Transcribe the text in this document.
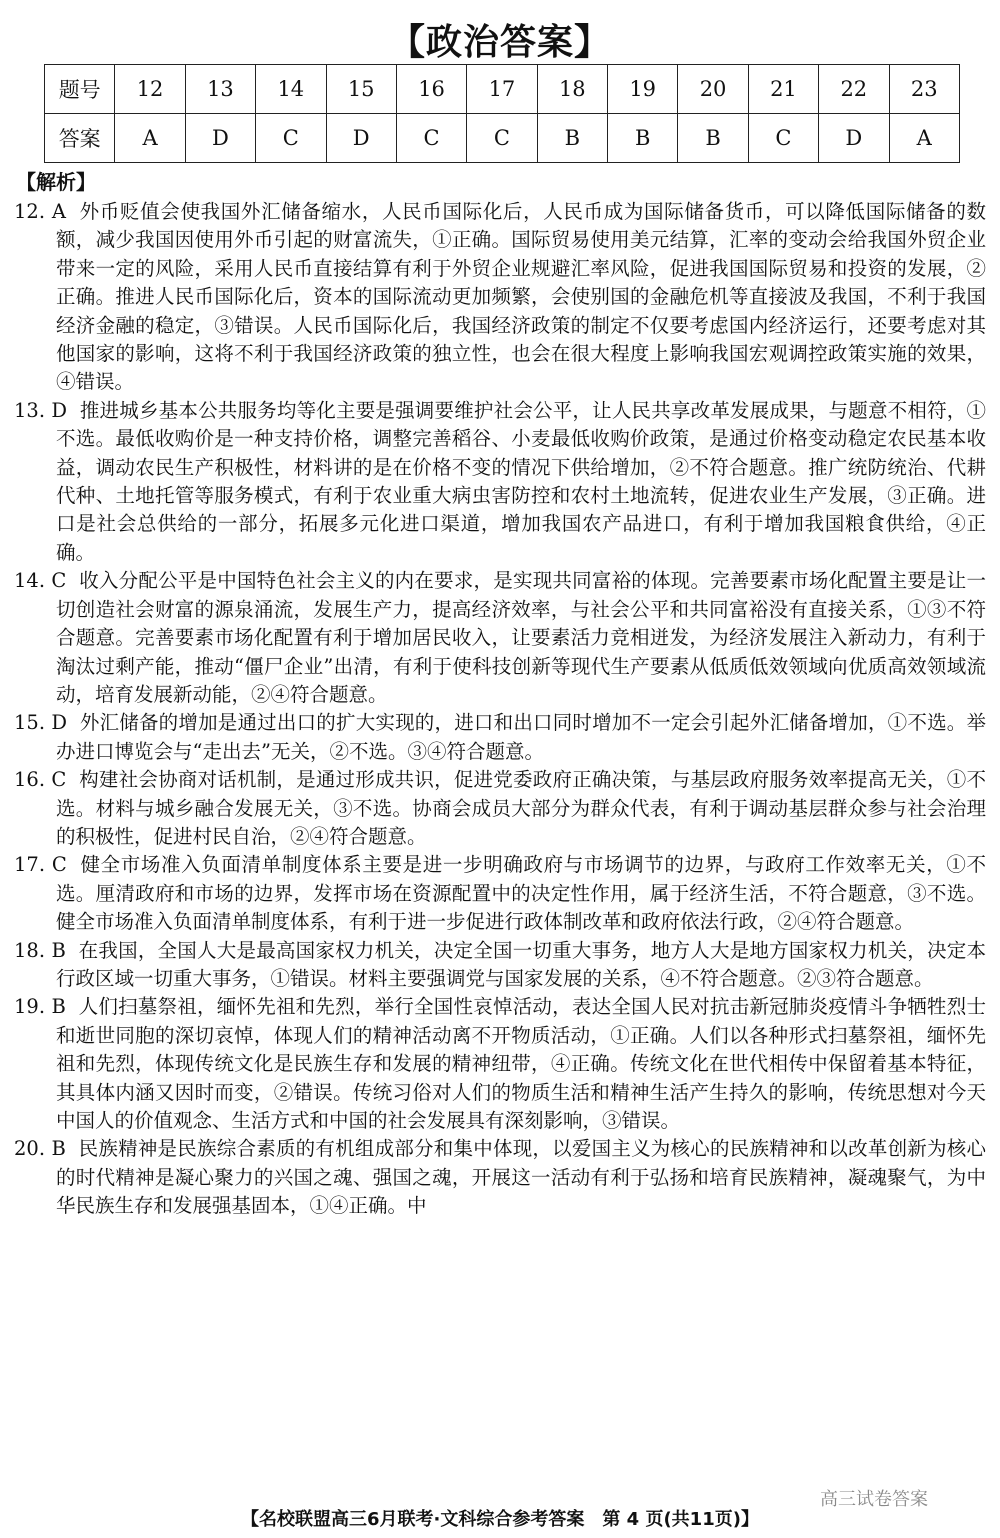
【政治答案】
题号	12	13	14	15	16	17	18	19	20	21	22	23
答案	A	D	C	D	C	C	B	B	B	C	D	A
【解析】

12. A 外币贬值会使我国外汇储备缩水，人民币国际化后，人民币成为国际储备货币，可以降低国际储备的数额，减少我国因使用外币引起的财富流失，①正确。国际贸易使用美元结算，汇率的变动会给我国外贸企业带来一定的风险，采用人民币直接结算有利于外贸企业规避汇率风险，促进我国国际贸易和投资的发展，②正确。推进人民币国际化后，资本的国际流动更加频繁，会使别国的金融危机等直接波及我国，不利于我国经济金融的稳定，③错误。人民币国际化后，我国经济政策的制定不仅要考虑国内经济运行，还要考虑对其他国家的影响，这将不利于我国经济政策的独立性，也会在很大程度上影响我国宏观调控政策实施的效果，④错误。

13. D 推进城乡基本公共服务均等化主要是强调要维护社会公平，让人民共享改革发展成果，与题意不相符，①不选。最低收购价是一种支持价格，调整完善稻谷、小麦最低收购价政策，是通过价格变动稳定农民基本收益，调动农民生产积极性，材料讲的是在价格不变的情况下供给增加，②不符合题意。推广统防统治、代耕代种、土地托管等服务模式，有利于农业重大病虫害防控和农村土地流转，促进农业生产发展，③正确。进口是社会总供给的一部分，拓展多元化进口渠道，增加我国农产品进口，有利于增加我国粮食供给，④正确。

14. C 收入分配公平是中国特色社会主义的内在要求，是实现共同富裕的体现。完善要素市场化配置主要是让一切创造社会财富的源泉涌流，发展生产力，提高经济效率，与社会公平和共同富裕没有直接关系，①③不符合题意。完善要素市场化配置有利于增加居民收入，让要素活力竞相迸发，为经济发展注入新动力，有利于淘汰过剩产能，推动“僵尸企业”出清，有利于使科技创新等现代生产要素从低质低效领域向优质高效领域流动，培育发展新动能，②④符合题意。

15. D 外汇储备的增加是通过出口的扩大实现的，进口和出口同时增加不一定会引起外汇储备增加，①不选。举办进口博览会与“走出去”无关，②不选。③④符合题意。

16. C 构建社会协商对话机制，是通过形成共识，促进党委政府正确决策，与基层政府服务效率提高无关，①不选。材料与城乡融合发展无关，③不选。协商会成员大部分为群众代表，有利于调动基层群众参与社会治理的积极性，促进村民自治，②④符合题意。

17. C 健全市场准入负面清单制度体系主要是进一步明确政府与市场调节的边界，与政府工作效率无关，①不选。厘清政府和市场的边界，发挥市场在资源配置中的决定性作用，属于经济生活，不符合题意，③不选。健全市场准入负面清单制度体系，有利于进一步促进行政体制改革和政府依法行政，②④符合题意。

18. B 在我国，全国人大是最高国家权力机关，决定全国一切重大事务，地方人大是地方国家权力机关，决定本行政区域一切重大事务，①错误。材料主要强调党与国家发展的关系，④不符合题意。②③符合题意。

19. B 人们扫墓祭祖，缅怀先祖和先烈，举行全国性哀悼活动，表达全国人民对抗击新冠肺炎疫情斗争牺牲烈士和逝世同胞的深切哀悼，体现人们的精神活动离不开物质活动，①正确。人们以各种形式扫墓祭祖，缅怀先祖和先烈，体现传统文化是民族生存和发展的精神纽带，④正确。传统文化在世代相传中保留着基本特征，其具体内涵又因时而变，②错误。传统习俗对人们的物质生活和精神生活产生持久的影响，传统思想对今天中国人的价值观念、生活方式和中国的社会发展具有深刻影响，③错误。

20. B 民族精神是民族综合素质的有机组成部分和集中体现，以爱国主义为核心的民族精神和以改革创新为核心的时代精神是凝心聚力的兴国之魂、强国之魂，开展这一活动有利于弘扬和培育民族精神，凝魂聚气，为中华民族生存和发展强基固本，①④正确。中

高三试卷答案
【名校联盟高三6月联考·文科综合参考答案　第 4 页(共11页)】
